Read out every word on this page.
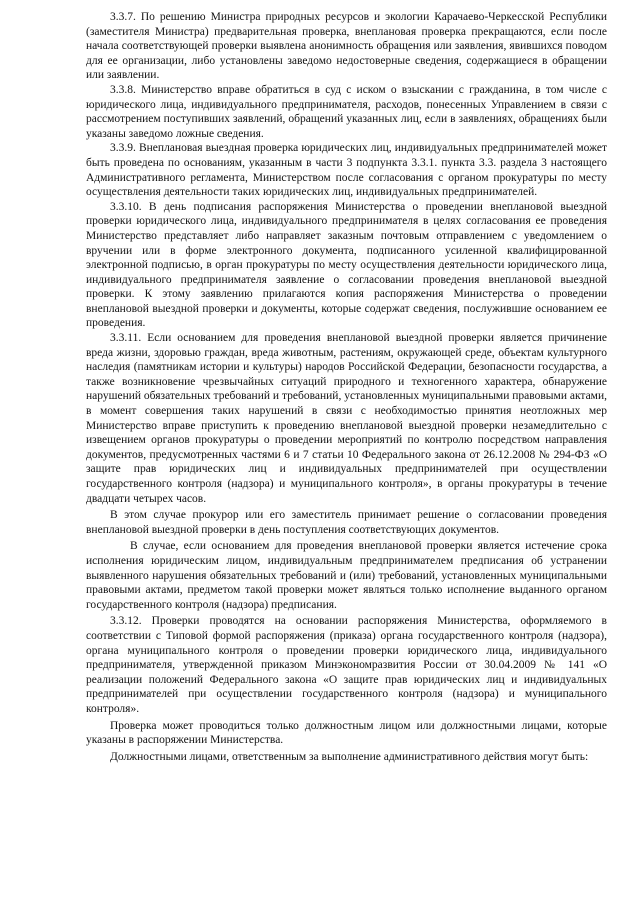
3.3.7. По решению Министра природных ресурсов и экологии Карачаево-Черкесской Республики (заместителя Министра) предварительная проверка, внеплановая проверка прекращаются, если после начала соответствующей проверки выявлена анонимность обращения или заявления, явившихся поводом для ее организации, либо установлены заведомо недостоверные сведения, содержащиеся в обращении или заявлении.

3.3.8. Министерство вправе обратиться в суд с иском о взыскании с гражданина, в том числе с юридического лица, индивидуального предпринимателя, расходов, понесенных Управлением в связи с рассмотрением поступивших заявлений, обращений указанных лиц, если в заявлениях, обращениях были указаны заведомо ложные сведения.

3.3.9. Внеплановая выездная проверка юридических лиц, индивидуальных предпринимателей может быть проведена по основаниям, указанным в части 3 подпункта 3.3.1. пункта 3.3. раздела 3 настоящего Административного регламента, Министерством после согласования с органом прокуратуры по месту осуществления деятельности таких юридических лиц, индивидуальных предпринимателей.

3.3.10. В день подписания распоряжения Министерства о проведении внеплановой выездной проверки юридического лица, индивидуального предпринимателя в целях согласования ее проведения Министерство представляет либо направляет заказным почтовым отправлением с уведомлением о вручении или в форме электронного документа, подписанного усиленной квалифицированной электронной подписью, в орган прокуратуры по месту осуществления деятельности юридического лица, индивидуального предпринимателя заявление о согласовании проведения внеплановой выездной проверки. К этому заявлению прилагаются копия распоряжения Министерства о проведении внеплановой выездной проверки и документы, которые содержат сведения, послужившие основанием ее проведения.

3.3.11. Если основанием для проведения внеплановой выездной проверки является причинение вреда жизни, здоровью граждан, вреда животным, растениям, окружающей среде, объектам культурного наследия (памятникам истории и культуры) народов Российской Федерации, безопасности государства, а также возникновение чрезвычайных ситуаций природного и техногенного характера, обнаружение нарушений обязательных требований и требований, установленных муниципальными правовыми актами, в момент совершения таких нарушений в связи с необходимостью принятия неотложных мер Министерство вправе приступить к проведению внеплановой выездной проверки незамедлительно с извещением органов прокуратуры о проведении мероприятий по контролю посредством направления документов, предусмотренных частями 6 и 7 статьи 10 Федерального закона от 26.12.2008 № 294-ФЗ «О защите прав юридических лиц и индивидуальных предпринимателей при осуществлении государственного контроля (надзора) и муниципального контроля», в органы прокуратуры в течение двадцати четырех часов.

В этом случае прокурор или его заместитель принимает решение о согласовании проведения внеплановой выездной проверки в день поступления соответствующих документов.

В случае, если основанием для проведения внеплановой проверки является истечение срока исполнения юридическим лицом, индивидуальным предпринимателем предписания об устранении выявленного нарушения обязательных требований и (или) требований, установленных муниципальными правовыми актами, предметом такой проверки может являться только исполнение выданного органом государственного контроля (надзора) предписания.

3.3.12. Проверки проводятся на основании распоряжения Министерства, оформляемого в соответствии с Типовой формой распоряжения (приказа) органа государственного контроля (надзора), органа муниципального контроля о проведении проверки юридического лица, индивидуального предпринимателя, утвержденной приказом Минэкономразвития России от 30.04.2009 № 141 «О реализации положений Федерального закона «О защите прав юридических лиц и индивидуальных предпринимателей при осуществлении государственного контроля (надзора) и муниципального контроля».

Проверка может проводиться только должностным лицом или должностными лицами, которые указаны в распоряжении Министерства.

Должностными лицами, ответственным за выполнение административного действия могут быть:
